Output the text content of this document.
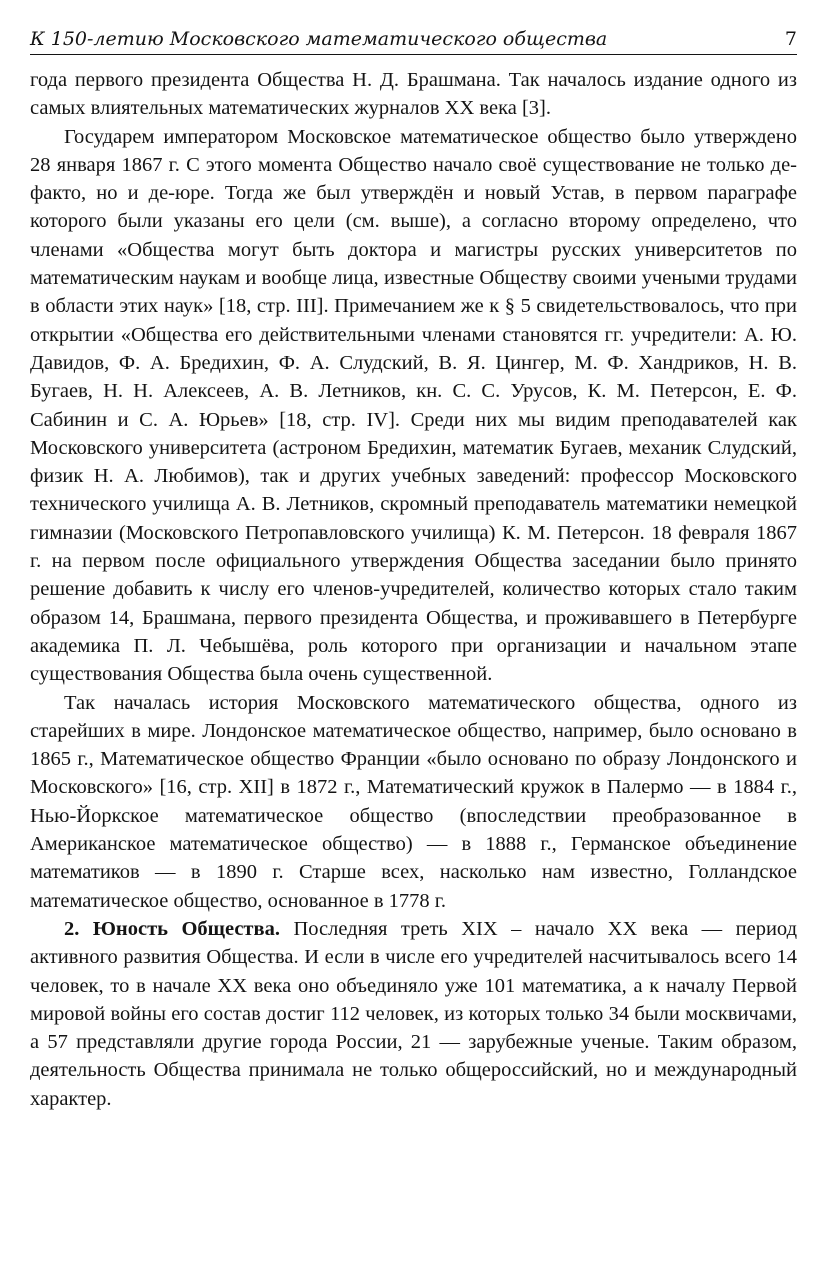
К 150-летию Московского математического общества	7

года первого президента Общества Н. Д. Брашмана. Так началось издание одного из самых влиятельных математических журналов XX века [3].

Государем императором Московское математическое общество было утверждено 28 января 1867 г. С этого момента Общество начало своё существование не только де-факто, но и де-юре. Тогда же был утверждён и новый Устав, в первом параграфе которого были указаны его цели (см. выше), а согласно второму определено, что членами «Общества могут быть доктора и магистры русских университетов по математическим наукам и вообще лица, известные Обществу своими учеными трудами в области этих наук» [18, стр. III]. Примечанием же к § 5 свидетельствовалось, что при открытии «Общества его действительными членами становятся гг. учредители: А. Ю. Давидов, Ф. А. Бредихин, Ф. А. Слудский, В. Я. Цингер, М. Ф. Хандриков, Н. В. Бугаев, Н. Н. Алексеев, А. В. Летников, кн. С. С. Урусов, К. М. Петерсон, Е. Ф. Сабинин и С. А. Юрьев» [18, стр. IV]. Среди них мы видим преподавателей как Московского университета (астроном Бредихин, математик Бугаев, механик Слудский, физик Н. А. Любимов), так и других учебных заведений: профессор Московского технического училища А. В. Летников, скромный преподаватель математики немецкой гимназии (Московского Петропавловского училища) К. М. Петерсон. 18 февраля 1867 г. на первом после официального утверждения Общества заседании было принято решение добавить к числу его членов-учредителей, количество которых стало таким образом 14, Брашмана, первого президента Общества, и проживавшего в Петербурге академика П. Л. Чебышёва, роль которого при организации и начальном этапе существования Общества была очень существенной.

Так началась история Московского математического общества, одного из старейших в мире. Лондонское математическое общество, например, было основано в 1865 г., Математическое общество Франции «было основано по образу Лондонского и Московского» [16, стр. XII] в 1872 г., Математический кружок в Палермо — в 1884 г., Нью-Йоркское математическое общество (впоследствии преобразованное в Американское математическое общество) — в 1888 г., Германское объединение математиков — в 1890 г. Старше всех, насколько нам известно, Голландское математическое общество, основанное в 1778 г.

2. Юность Общества. Последняя треть XIX – начало XX века — период активного развития Общества. И если в числе его учредителей насчитывалось всего 14 человек, то в начале XX века оно объединяло уже 101 математика, а к началу Первой мировой войны его состав достиг 112 человек, из которых только 34 были москвичами, а 57 представляли другие города России, 21 — зарубежные ученые. Таким образом, деятельность Общества принимала не только общероссийский, но и международный характер.
